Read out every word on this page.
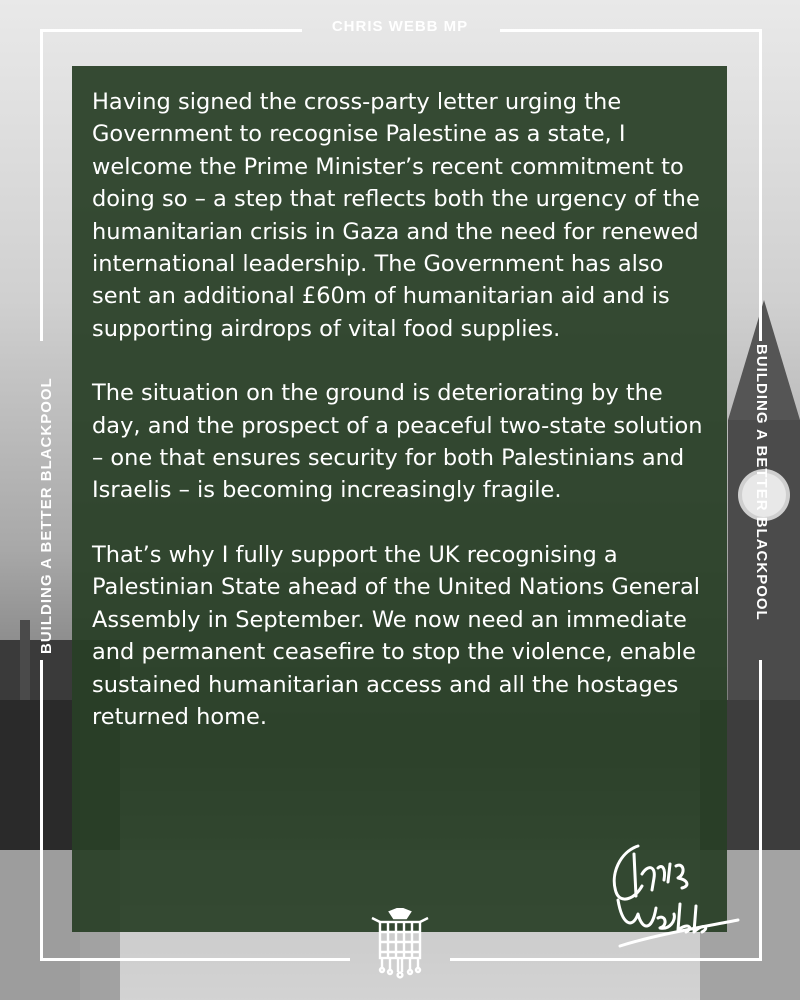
CHRIS WEBB MP
BUILDING A BETTER BLACKPOOL	BUILDING A BETTER BLACKPOOL

Having signed the cross-party letter urging the Government to recognise Palestine as a state, I welcome the Prime Minister’s recent commitment to doing so – a step that reflects both the urgency of the humanitarian crisis in Gaza and the need for renewed international leadership. The Government has also sent an additional £60m of humanitarian aid and is supporting airdrops of vital food supplies.

The situation on the ground is deteriorating by the day, and the prospect of a peaceful two-state solution – one that ensures security for both Palestinians and Israelis – is becoming increasingly fragile.

That’s why I fully support the UK recognising a Palestinian State ahead of the United Nations General Assembly in September. We now need an immediate and permanent ceasefire to stop the violence, enable sustained humanitarian access and all the hostages returned home.
